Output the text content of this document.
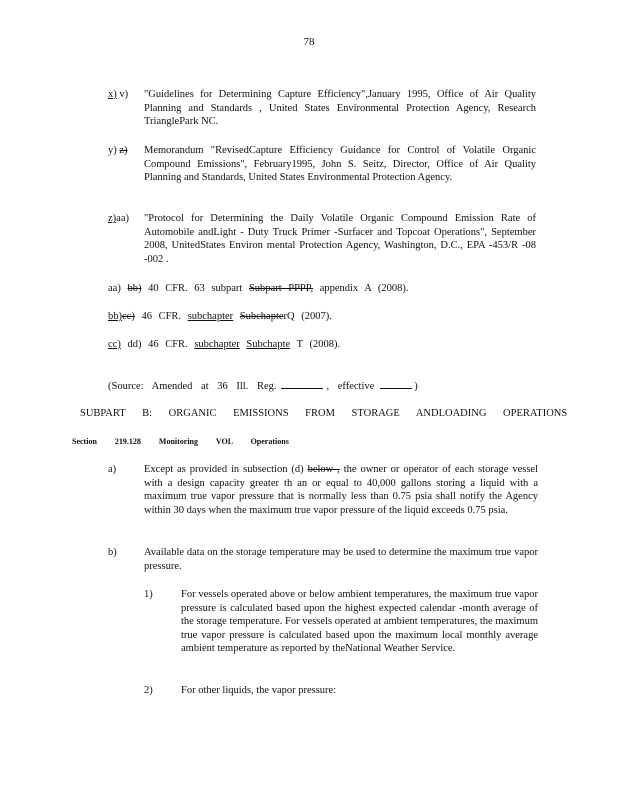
78
x) v) "Guidelines for Determining Capture Efficiency",January 1995, Office of Air Quality Planning and Standards , United States Environmental Protection Agency, Research TrianglePark NC.
y) z) Memorandum "RevisedCapture Efficiency Guidance for Control of Volatile Organic Compound Emissions", February1995, John S. Seitz, Director, Office of Air Quality Planning and Standards, United States Environmental Protection Agency.
z)aa) "Protocol for Determining the Daily Volatile Organic Compound Emission Rate of Automobile andLight - Duty Truck Primer -Surfacer and Topcoat Operations", September 2008, UnitedStates Environ mental Protection Agency, Washington, D.C., EPA -453/R -08 -002 .
aa) bb) 40 CFR. 63 subpart Subpart PPPP, appendix A (2008).
bb)cc) 46 CFR. subchapter SubchapterQ (2007).
cc) dd) 46 CFR. subchapter Subchapte T (2008).
(Source: Amended at 36 Ill. Reg.	, effective	)
SUBPART B: ORGANIC EMISSIONS FROM STORAGE ANDLOADING OPERATIONS
Section 219.128 Monitoring VOL Operations
a)	Except as provided in subsection (d) below , the owner or operator of each storage vessel with a design capacity greater th an or equal to 40,000 gallons storing a liquid with a maximum true vapor pressure that is normally less than 0.75 psia shall notify the Agency within 30 days when the maximum true vapor pressure of the liquid exceeds 0.75 psia.
b)	Available data on the storage temperature may be used to determine the maximum true vapor pressure.
1)	For vessels operated above or below ambient temperatures, the maximum true vapor pressure is calculated based upon the highest expected calendar -month average of the storage temperature. For vessels operated at ambient temperatures, the maximum true vapor pressure is calculated based upon the maximum local monthly average ambient temperature as reported by theNational Weather Service.
2)	For other liquids, the vapor pressure:
